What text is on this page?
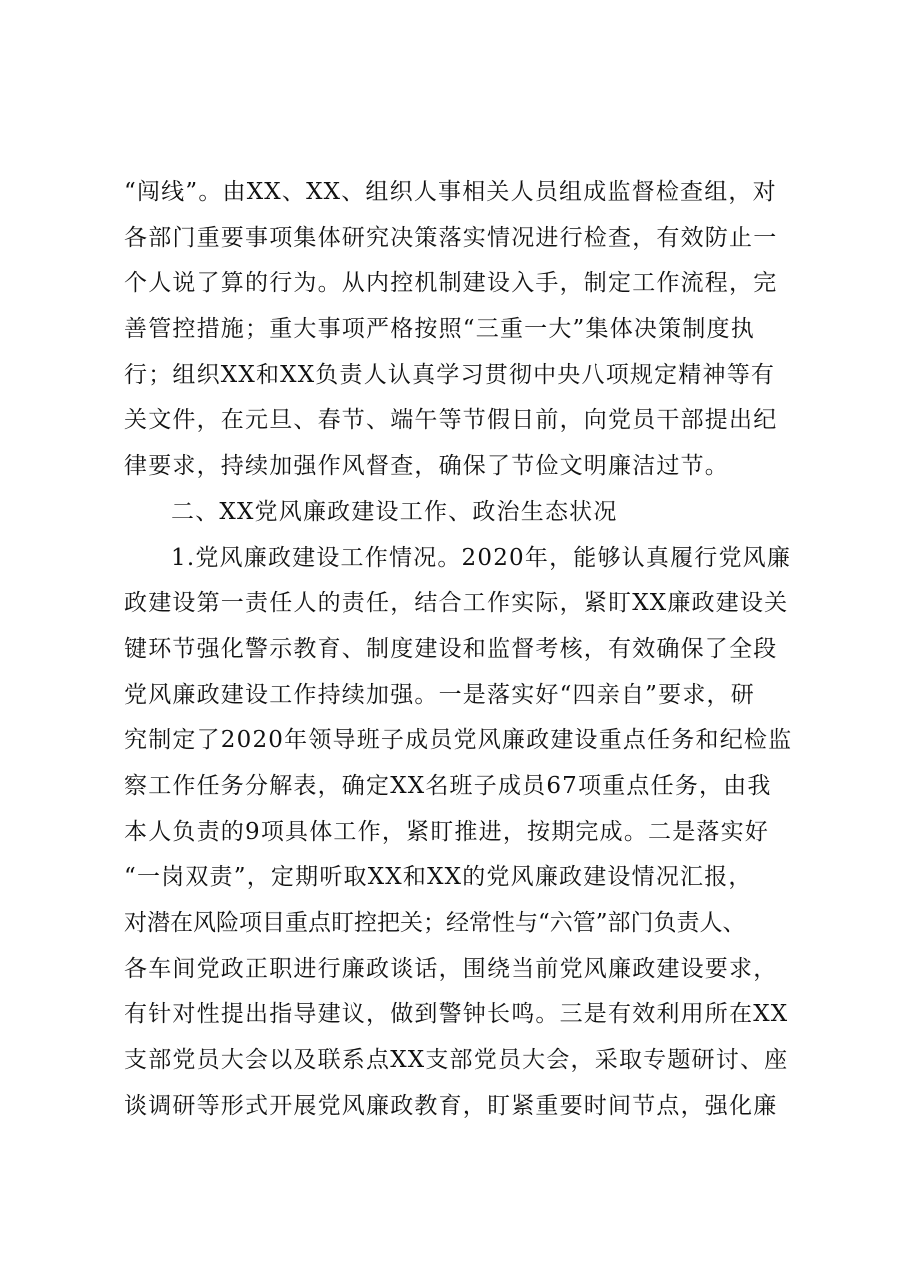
“闯线”。由XX、XX、组织人事相关人员组成监督检查组，对
各部门重要事项集体研究决策落实情况进行检查，有效防止一
个人说了算的行为。从内控机制建设入手，制定工作流程，完
善管控措施；重大事项严格按照“三重一大”集体决策制度执
行；组织XX和XX负责人认真学习贯彻中央八项规定精神等有
关文件，在元旦、春节、端午等节假日前，向党员干部提出纪
律要求，持续加强作风督查，确保了节俭文明廉洁过节。
二、XX党风廉政建设工作、政治生态状况
1.党风廉政建设工作情况。2020年，能够认真履行党风廉
政建设第一责任人的责任，结合工作实际，紧盯XX廉政建设关
键环节强化警示教育、制度建设和监督考核，有效确保了全段
党风廉政建设工作持续加强。一是落实好“四亲自”要求，研
究制定了2020年领导班子成员党风廉政建设重点任务和纪检监
察工作任务分解表，确定XX名班子成员67项重点任务，由我
本人负责的9项具体工作，紧盯推进，按期完成。二是落实好
“一岗双责”，定期听取XX和XX的党风廉政建设情况汇报，
对潜在风险项目重点盯控把关；经常性与“六管”部门负责人、
各车间党政正职进行廉政谈话，围绕当前党风廉政建设要求，
有针对性提出指导建议，做到警钟长鸣。三是有效利用所在XX
支部党员大会以及联系点XX支部党员大会，采取专题研讨、座
谈调研等形式开展党风廉政教育，盯紧重要时间节点，强化廉
